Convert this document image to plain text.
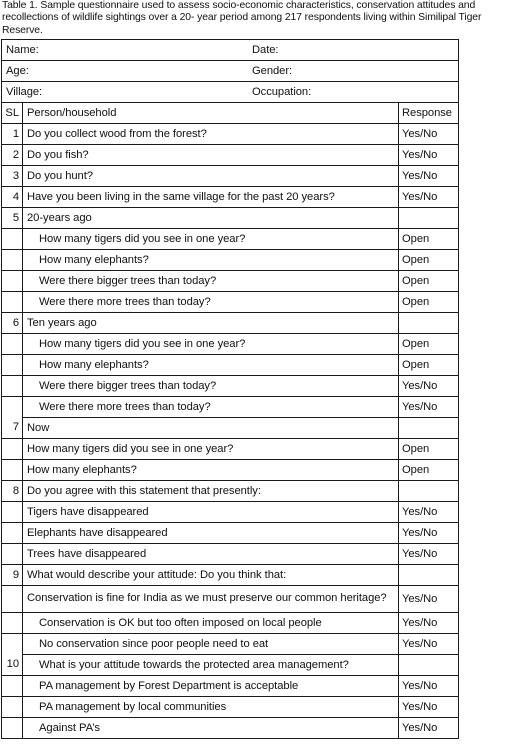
Table 1. Sample questionnaire used to assess socio-economic characteristics, conservation attitudes and recollections of wildlife sightings over a 20- year period among 217 respondents living within Similipal Tiger Reserve.
Name: Date:		
Age: Gender:		
Village: Occupation:		
SL	Person/household	Response
1	Do you collect wood from the forest?	Yes/No
2	Do you fish?	Yes/No
3	Do you hunt?	Yes/No
4	Have you been living in the same village for the past 20 years?	Yes/No
5	20-years ago	
	How many tigers did you see in one year?	Open
	How many elephants?	Open
	Were there bigger trees than today?	Open
	Were there more trees than today?	Open
6	Ten years ago	
	How many tigers did you see in one year?	Open
	How many elephants?	Open
	Were there bigger trees than today?	Yes/No
	Were there more trees than today?	Yes/No
7	Now	
	How many tigers did you see in one year?	Open
	How many elephants?	Open
8	Do you agree with this statement that presently:	
	Tigers have disappeared	Yes/No
	Elephants have disappeared	Yes/No
	Trees have disappeared	Yes/No
9	What would describe your attitude: Do you think that:	
	Conservation is fine for India as we must preserve our common heritage?	Yes/No
	Conservation is OK but too often imposed on local people	Yes/No
	No conservation since poor people need to eat	Yes/No
10	What is your attitude towards the protected area management?	
	PA management by Forest Department is acceptable	Yes/No
	PA management by local communities	Yes/No
	Against PA’s	Yes/No
